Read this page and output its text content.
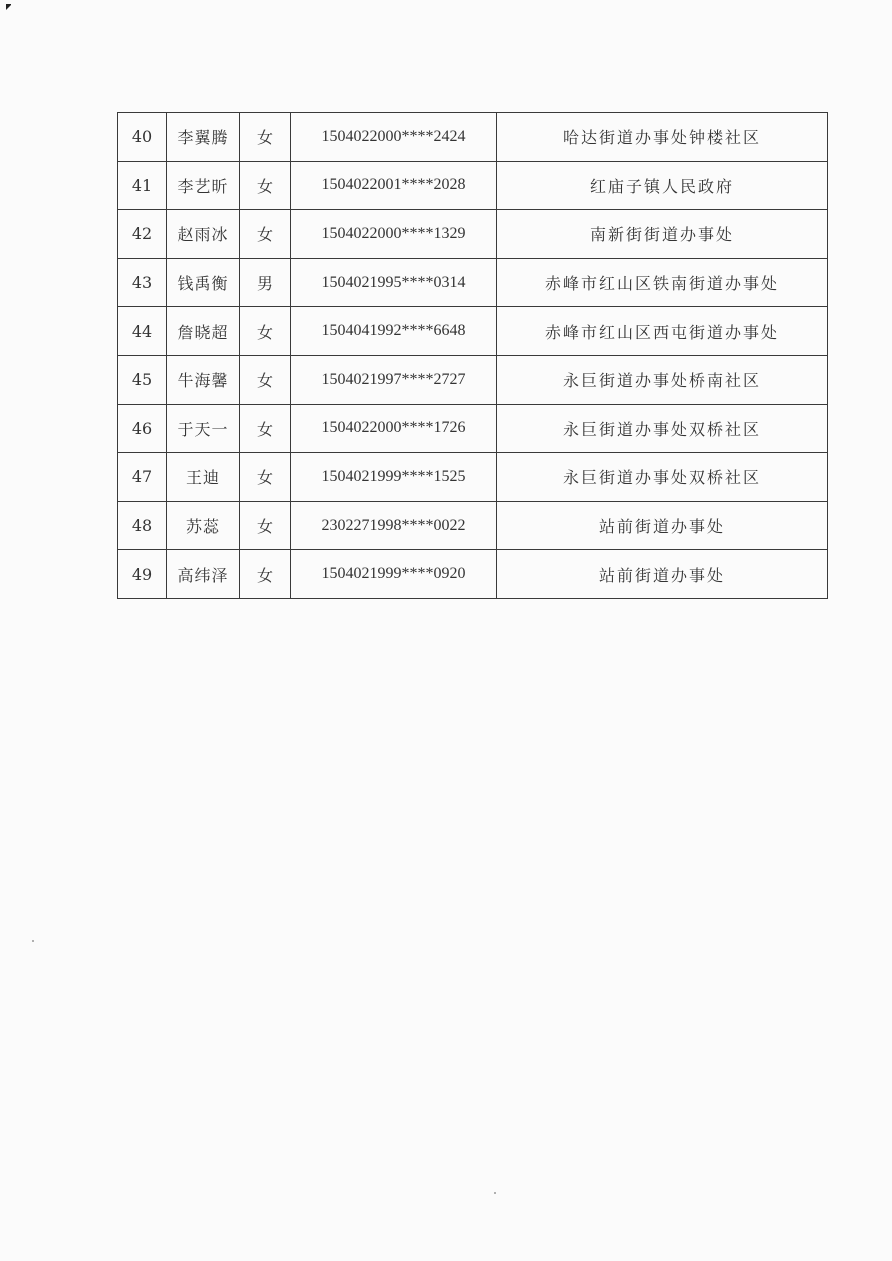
40	李翼腾	女	1504022000****2424	哈达街道办事处钟楼社区
41	李艺昕	女	1504022001****2028	红庙子镇人民政府
42	赵雨冰	女	1504022000****1329	南新街街道办事处
43	钱禹衡	男	1504021995****0314	赤峰市红山区铁南街道办事处
44	詹晓超	女	1504041992****6648	赤峰市红山区西屯街道办事处
45	牛海馨	女	1504021997****2727	永巨街道办事处桥南社区
46	于天一	女	1504022000****1726	永巨街道办事处双桥社区
47	王迪	女	1504021999****1525	永巨街道办事处双桥社区
48	苏蕊	女	2302271998****0022	站前街道办事处
49	高纬泽	女	1504021999****0920	站前街道办事处
